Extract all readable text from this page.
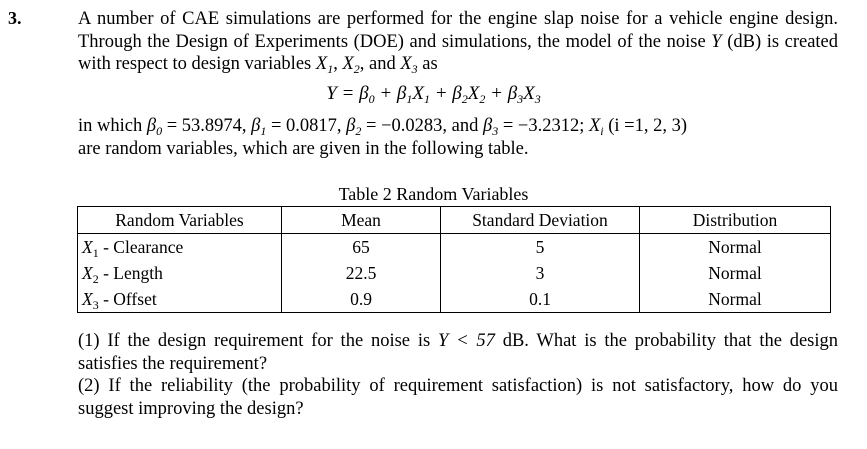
3.	A number of CAE simulations are performed for the engine slap noise for a vehicle engine design. Through the Design of Experiments (DOE) and simulations, the model of the noise Y (dB) is created with respect to design variables $X_1$, $X_2$, and $X_3$ as
$Y = \beta_0 + \beta_1X_1 + \beta_2X_2 + \beta_3X_3$
in which $\beta_0 = 53.8974$, $\beta_1 = 0.0817$, $\beta_2 = -0.0283$, and $\beta_3 = -3.2312$; $X_i$ (i =1, 2, 3)
are random variables, which are given in the following table.
Table 2 Random Variables
Random Variables	Mean	Standard Deviation	Distribution
$X_1$ - Clearance	65	5	Normal
$X_2$ - Length	22.5	3	Normal
$X_3$ - Offset	0.9	0.1	Normal
(1) If the design requirement for the noise is Y < 57 dB. What is the probability that the design satisfies the requirement?
(2) If the reliability (the probability of requirement satisfaction) is not satisfactory, how do you suggest improving the design?
